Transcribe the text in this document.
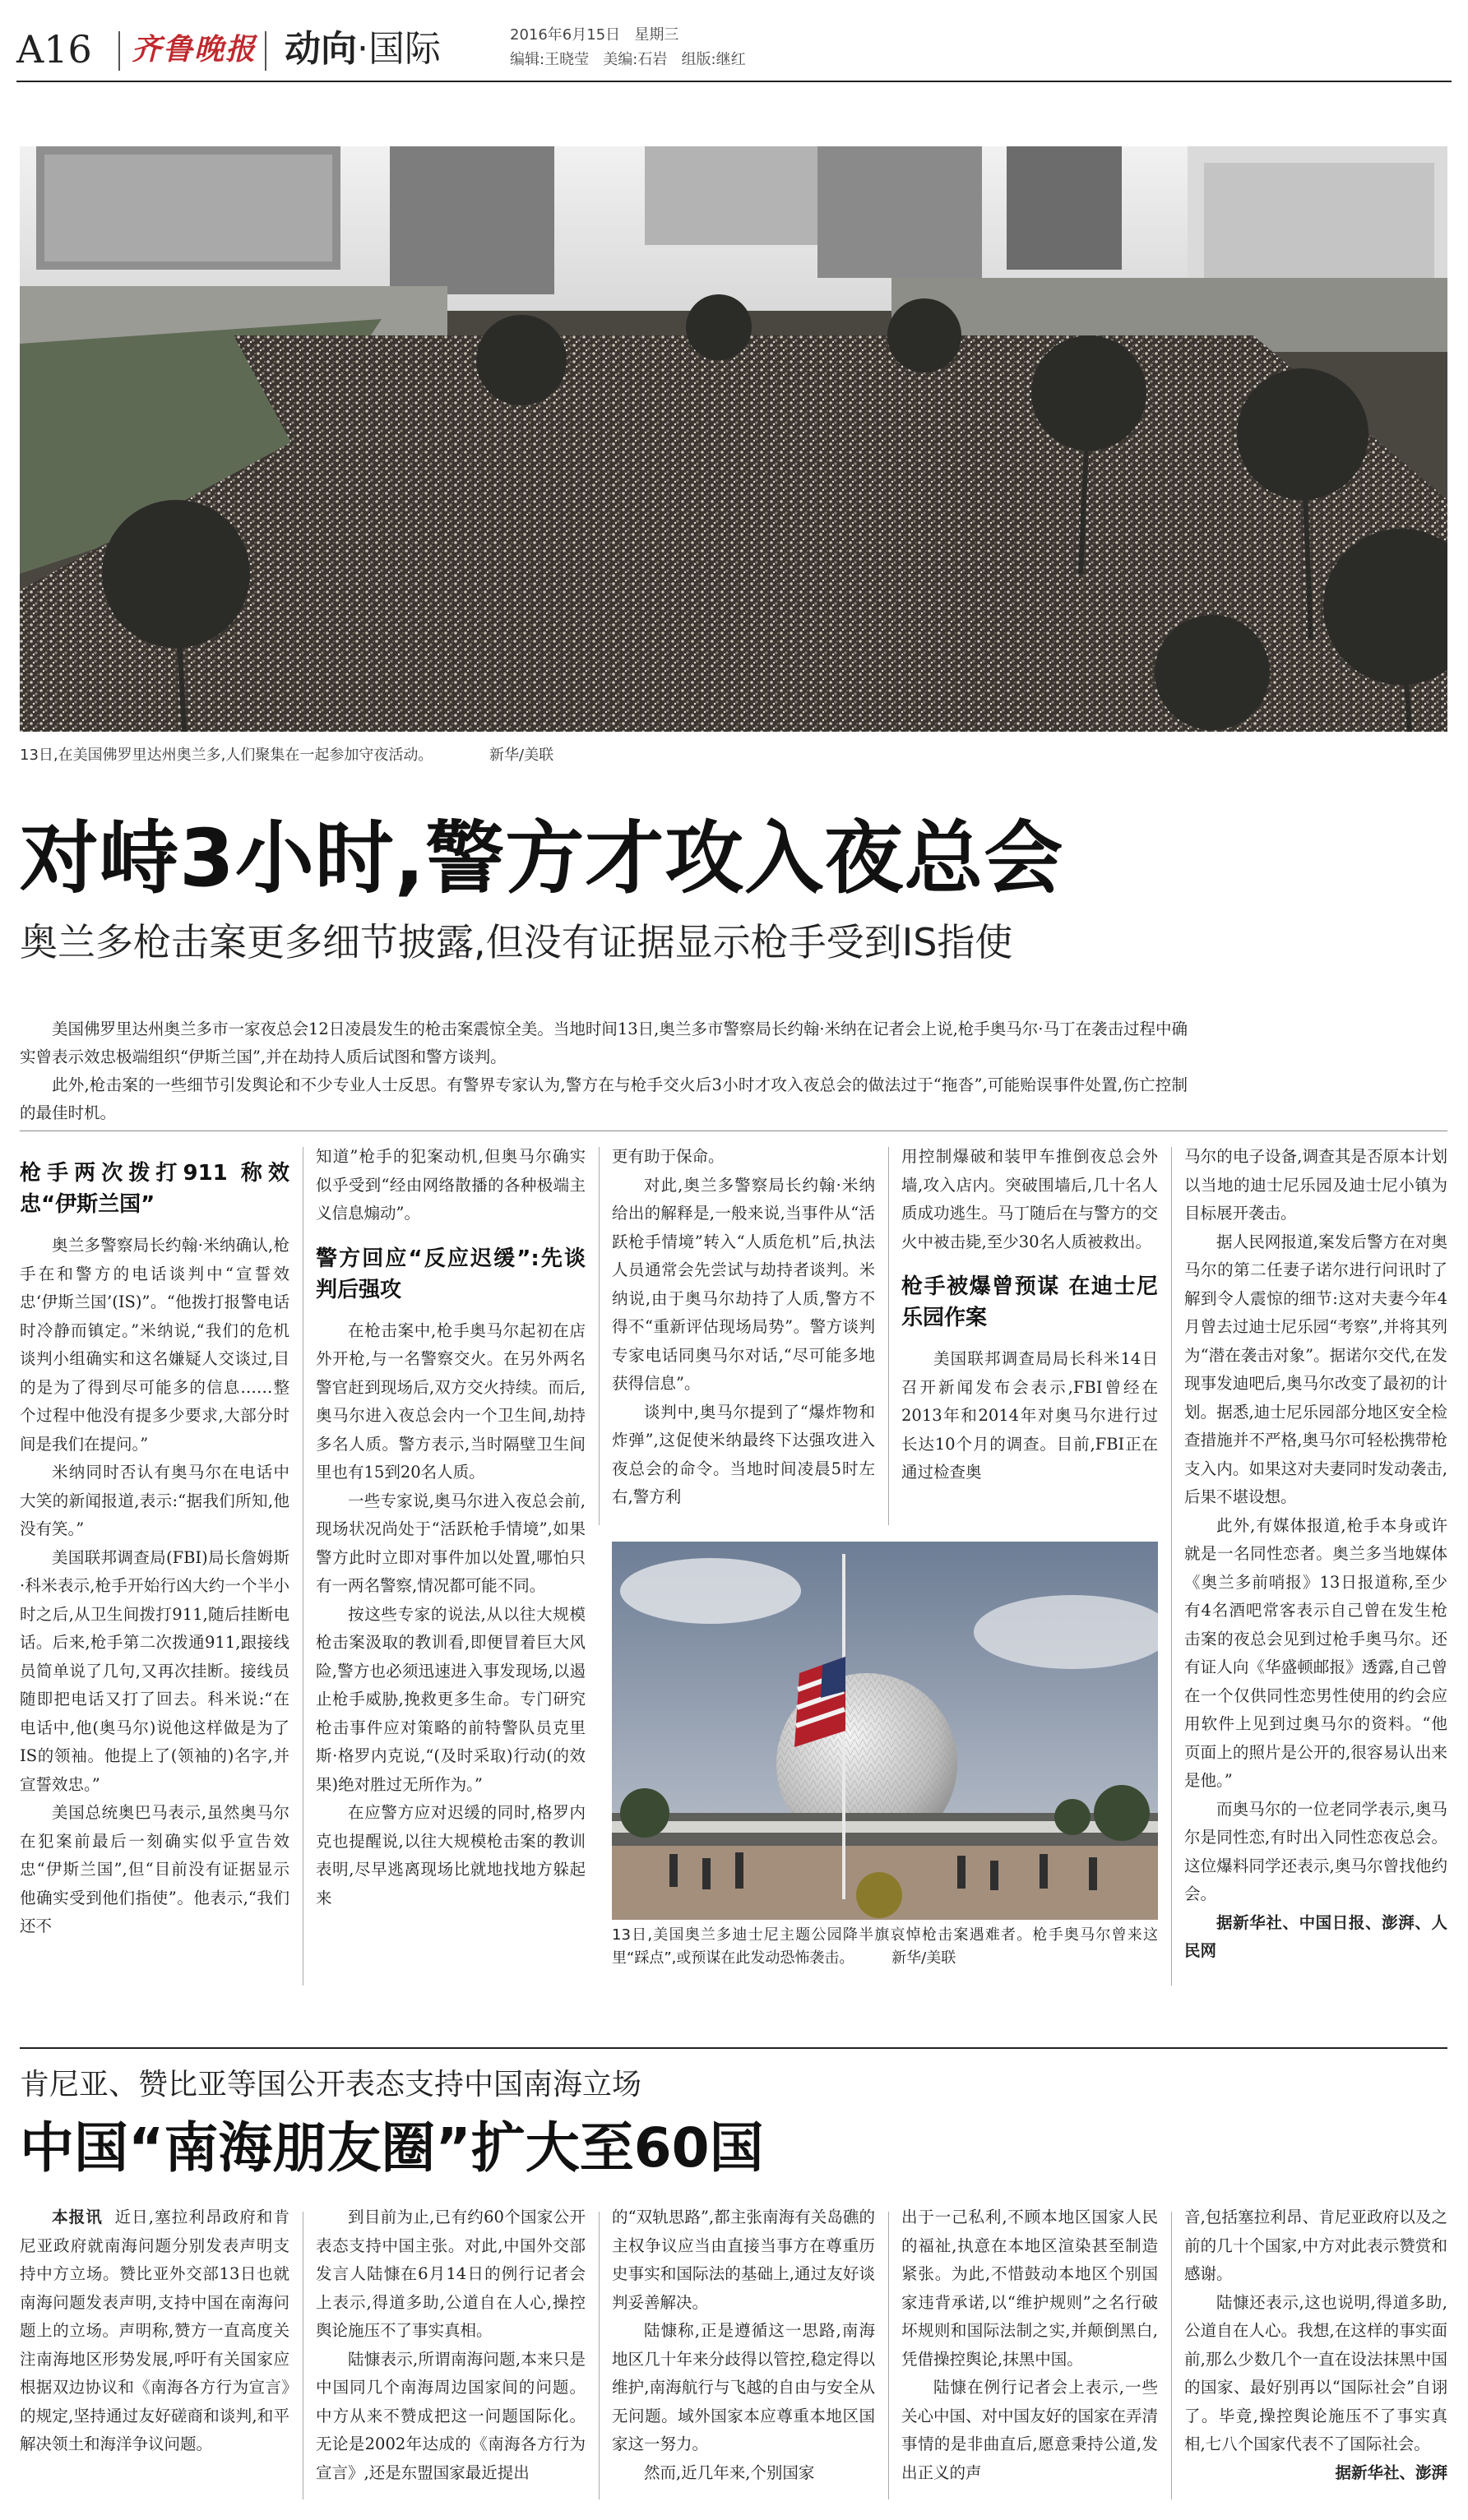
A16 齐鲁晚报 动向·国际	2016年6月15日 星期三
编辑:王晓莹 美编:石岩 组版:继红
13日,在美国佛罗里达州奥兰多,人们聚集在一起参加守夜活动。	新华/美联
对峙3小时,警方才攻入夜总会
奥兰多枪击案更多细节披露,但没有证据显示枪手受到IS指使

美国佛罗里达州奥兰多市一家夜总会12日凌晨发生的枪击案震惊全美。当地时间13日,奥兰多市警察局长约翰·米纳在记者会上说,枪手奥马尔·马丁在袭击过程中确实曾表示效忠极端组织“伊斯兰国”,并在劫持人质后试图和警方谈判。

此外,枪击案的一些细节引发舆论和不少专业人士反思。有警界专家认为,警方在与枪手交火后3小时才攻入夜总会的做法过于“拖沓”,可能贻误事件处置,伤亡控制的最佳时机。

枪手两次拨打911 称效忠“伊斯兰国”

奥兰多警察局长约翰·米纳确认,枪手在和警方的电话谈判中“宣誓效忠‘伊斯兰国’(IS)”。“他拨打报警电话时冷静而镇定。”米纳说,“我们的危机谈判小组确实和这名嫌疑人交谈过,目的是为了得到尽可能多的信息……整个过程中他没有提多少要求,大部分时间是我们在提问。”

米纳同时否认有奥马尔在电话中大笑的新闻报道,表示:“据我们所知,他没有笑。”

美国联邦调查局(FBI)局长詹姆斯·科米表示,枪手开始行凶大约一个半小时之后,从卫生间拨打911,随后挂断电话。后来,枪手第二次拨通911,跟接线员简单说了几句,又再次挂断。接线员随即把电话又打了回去。科米说:“在电话中,他(奥马尔)说他这样做是为了IS的领袖。他提上了(领袖的)名字,并宣誓效忠。”

美国总统奥巴马表示,虽然奥马尔在犯案前最后一刻确实似乎宣告效忠“伊斯兰国”,但“目前没有证据显示他确实受到他们指使”。他表示,“我们还不

知道”枪手的犯案动机,但奥马尔确实似乎受到“经由网络散播的各种极端主义信息煽动”。

警方回应“反应迟缓”:先谈判后强攻

在枪击案中,枪手奥马尔起初在店外开枪,与一名警察交火。在另外两名警官赶到现场后,双方交火持续。而后,奥马尔进入夜总会内一个卫生间,劫持多名人质。警方表示,当时隔壁卫生间里也有15到20名人质。

一些专家说,奥马尔进入夜总会前,现场状况尚处于“活跃枪手情境”,如果警方此时立即对事件加以处置,哪怕只有一两名警察,情况都可能不同。

按这些专家的说法,从以往大规模枪击案汲取的教训看,即便冒着巨大风险,警方也必须迅速进入事发现场,以遏止枪手威胁,挽救更多生命。专门研究枪击事件应对策略的前特警队员克里斯·格罗内克说,“(及时采取)行动(的效果)绝对胜过无所作为。”

在应警方应对迟缓的同时,格罗内克也提醒说,以往大规模枪击案的教训表明,尽早逃离现场比就地找地方躲起来

更有助于保命。

对此,奥兰多警察局长约翰·米纳给出的解释是,一般来说,当事件从“活跃枪手情境”转入“人质危机”后,执法人员通常会先尝试与劫持者谈判。米纳说,由于奥马尔劫持了人质,警方不得不“重新评估现场局势”。警方谈判专家电话同奥马尔对话,“尽可能多地获得信息”。

谈判中,奥马尔提到了“爆炸物和炸弹”,这促使米纳最终下达强攻进入夜总会的命令。当地时间凌晨5时左右,警方利

用控制爆破和装甲车推倒夜总会外墙,攻入店内。突破围墙后,几十名人质成功逃生。马丁随后在与警方的交火中被击毙,至少30名人质被救出。

枪手被爆曾预谋 在迪士尼乐园作案

美国联邦调查局局长科米14日召开新闻发布会表示,FBI曾经在2013年和2014年对奥马尔进行过长达10个月的调查。目前,FBI正在通过检查奥

马尔的电子设备,调查其是否原本计划以当地的迪士尼乐园及迪士尼小镇为目标展开袭击。

据人民网报道,案发后警方在对奥马尔的第二任妻子诺尔进行问讯时了解到令人震惊的细节:这对夫妻今年4月曾去过迪士尼乐园“考察”,并将其列为“潜在袭击对象”。据诺尔交代,在发现事发迪吧后,奥马尔改变了最初的计划。据悉,迪士尼乐园部分地区安全检查措施并不严格,奥马尔可轻松携带枪支入内。如果这对夫妻同时发动袭击,后果不堪设想。

此外,有媒体报道,枪手本身或许就是一名同性恋者。奥兰多当地媒体《奥兰多前哨报》13日报道称,至少有4名酒吧常客表示自己曾在发生枪击案的夜总会见到过枪手奥马尔。还有证人向《华盛顿邮报》透露,自己曾在一个仅供同性恋男性使用的约会应用软件上见到过奥马尔的资料。“他页面上的照片是公开的,很容易认出来是他。”

而奥马尔的一位老同学表示,奥马尔是同性恋,有时出入同性恋夜总会。这位爆料同学还表示,奥马尔曾找他约会。

据新华社、中国日报、澎湃、人民网

13日,美国奥兰多迪士尼主题公园降半旗哀悼枪击案遇难者。枪手奥马尔曾来这里“踩点”,或预谋在此发动恐怖袭击。	新华/美联

肯尼亚、赞比亚等国公开表态支持中国南海立场
中国“南海朋友圈”扩大至60国

本报讯 近日,塞拉利昂政府和肯尼亚政府就南海问题分别发表声明支持中方立场。赞比亚外交部13日也就南海问题发表声明,支持中国在南海问题上的立场。声明称,赞方一直高度关注南海地区形势发展,呼吁有关国家应根据双边协议和《南海各方行为宣言》的规定,坚持通过友好磋商和谈判,和平解决领土和海洋争议问题。

到目前为止,已有约60个国家公开表态支持中国主张。对此,中国外交部发言人陆慷在6月14日的例行记者会上表示,得道多助,公道自在人心,操控舆论施压不了事实真相。

陆慷表示,所谓南海问题,本来只是中国同几个南海周边国家间的问题。中方从来不赞成把这一问题国际化。无论是2002年达成的《南海各方行为宣言》,还是东盟国家最近提出

的“双轨思路”,都主张南海有关岛礁的主权争议应当由直接当事方在尊重历史事实和国际法的基础上,通过友好谈判妥善解决。

陆慷称,正是遵循这一思路,南海地区几十年来分歧得以管控,稳定得以维护,南海航行与飞越的自由与安全从无问题。域外国家本应尊重本地区国家这一努力。

然而,近几年来,个别国家

出于一己私利,不顾本地区国家人民的福祉,执意在本地区渲染甚至制造紧张。为此,不惜鼓动本地区个别国家违背承诺,以“维护规则”之名行破坏规则和国际法制之实,并颠倒黑白,凭借操控舆论,抹黑中国。

陆慷在例行记者会上表示,一些关心中国、对中国友好的国家在弄清事情的是非曲直后,愿意秉持公道,发出正义的声

音,包括塞拉利昂、肯尼亚政府以及之前的几十个国家,中方对此表示赞赏和感谢。

陆慷还表示,这也说明,得道多助,公道自在人心。我想,在这样的事实面前,那么少数几个一直在设法抹黑中国的国家、最好别再以“国际社会”自诩了。毕竟,操控舆论施压不了事实真相,七八个国家代表不了国际社会。

据新华社、澎湃
